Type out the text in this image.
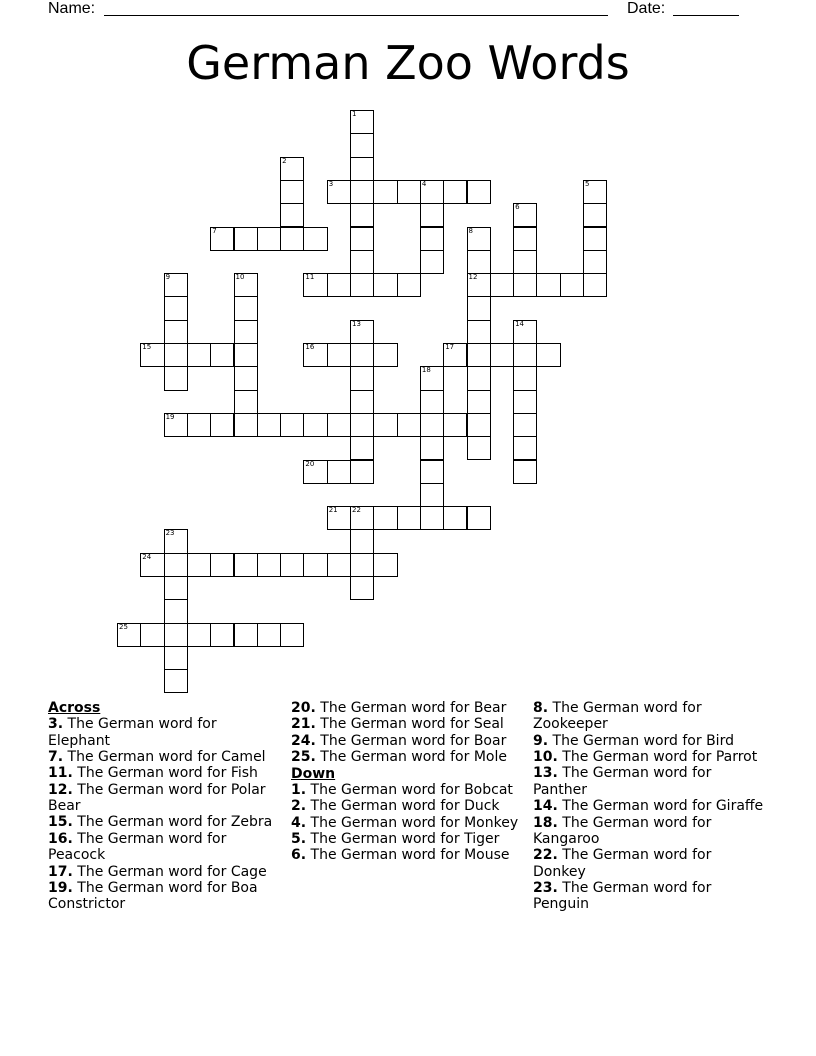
Name:	Date:
German Zoo Words
1
2
3	4	5
6
7	8
12
9	10	11
13	14
15	16	17
18
19
20
21 22
23
24
25
Across
3. The German word for Elephant
7. The German word for Camel
11. The German word for Fish
12. The German word for Polar Bear
15. The German word for Zebra
16. The German word for Peacock
17. The German word for Cage
19. The German word for Boa Constrictor
20. The German word for Bear
21. The German word for Seal
24. The German word for Boar
25. The German word for Mole
Down
1. The German word for Bobcat
2. The German word for Duck
4. The German word for Monkey
5. The German word for Tiger
6. The German word for Mouse
8. The German word for Zookeeper
9. The German word for Bird
10. The German word for Parrot
13. The German word for Panther
14. The German word for Giraffe
18. The German word for Kangaroo
22. The German word for Donkey
23. The German word for Penguin
